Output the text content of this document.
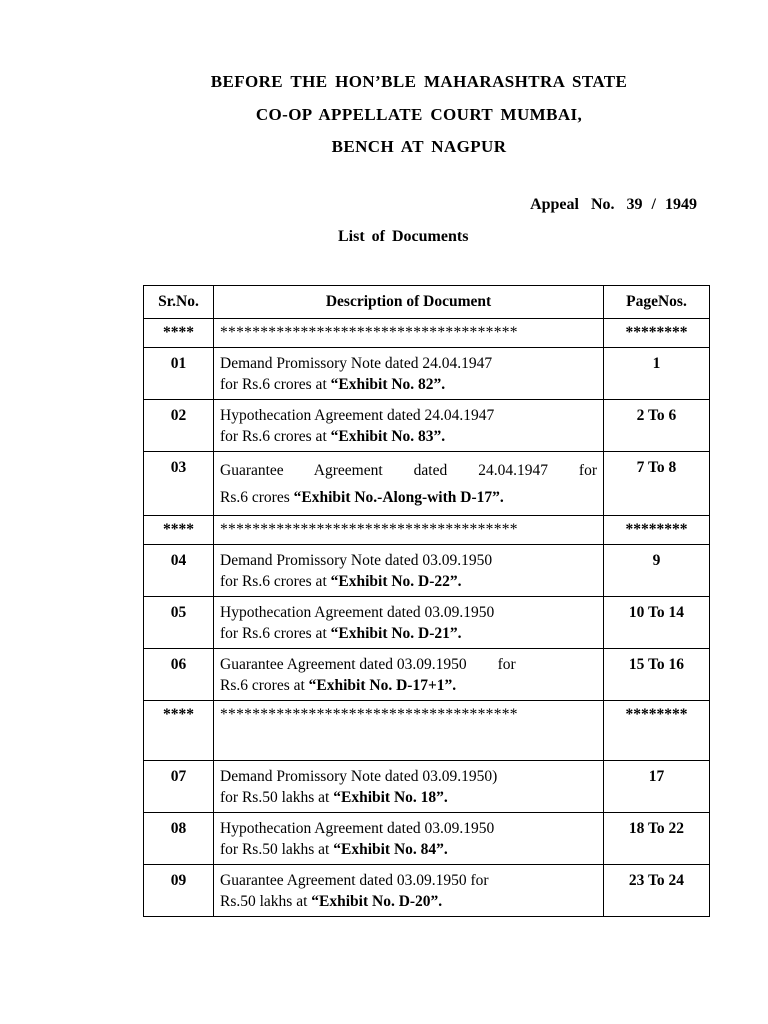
BEFORE THE HON’BLE MAHARASHTRA STATE
CO-OP APPELLATE COURT MUMBAI,
BENCH AT NAGPUR
Appeal No. 39 / 1949
List of Documents
Sr.No.	Description of Document	PageNos.
****	*************************************	********
01	Demand Promissory Note dated 24.04.1947
for Rs.6 crores at “Exhibit No. 82”.	1
02	Hypothecation Agreement dated 24.04.1947
for Rs.6 crores at “Exhibit No. 83”.	2 To 6
03	Guarantee Agreement dated 24.04.1947 for
Rs.6 crores “Exhibit No.-Along-with D-17”.	7 To 8
****	*************************************	********
04	Demand Promissory Note dated 03.09.1950
for Rs.6 crores at “Exhibit No. D-22”.	9
05	Hypothecation Agreement dated 03.09.1950
for Rs.6 crores at “Exhibit No. D-21”.	10 To 14
06	Guarantee Agreement dated 03.09.1950        for
Rs.6 crores at “Exhibit No. D-17+1”.	15 To 16
****	*************************************	********
07	Demand Promissory Note dated 03.09.1950)
for Rs.50 lakhs at “Exhibit No. 18”.	17
08	Hypothecation Agreement dated 03.09.1950
for Rs.50 lakhs at “Exhibit No. 84”.	18 To 22
09	Guarantee Agreement dated 03.09.1950 for
Rs.50 lakhs at “Exhibit No. D-20”.	23 To 24
